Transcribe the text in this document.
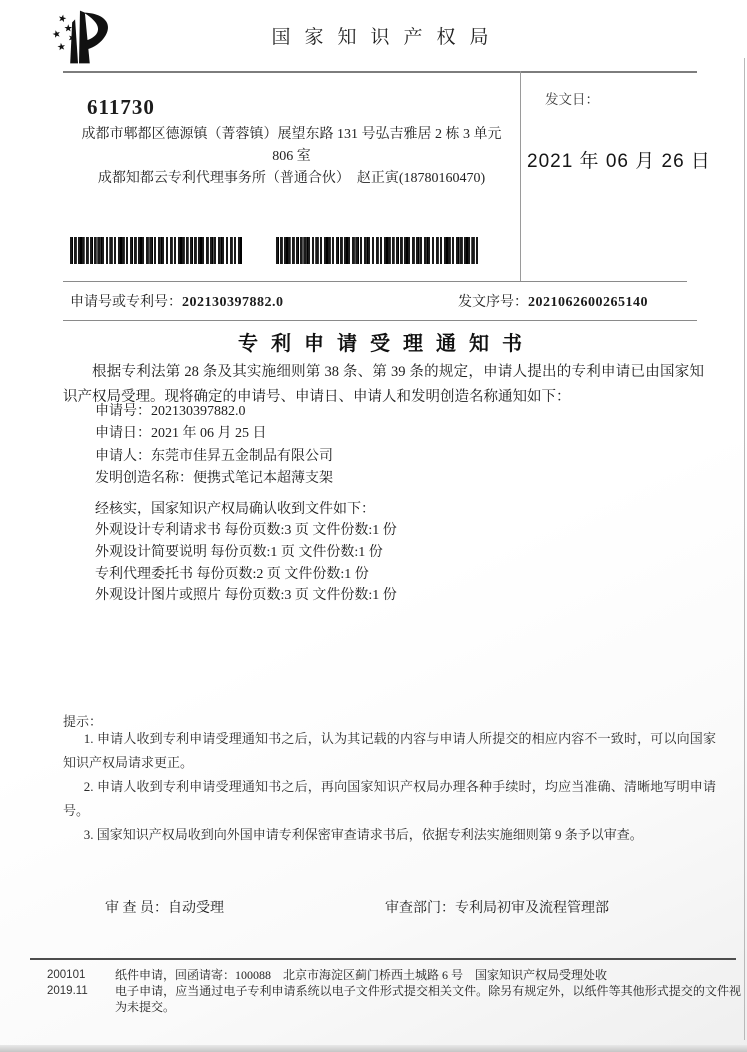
国家知识产权局
发文日：
2021 年 06 月 26 日
611730
成都市郫都区德源镇（菁蓉镇）展望东路 131 号弘吉雅居 2 栋 3 单元
806 室
成都知都云专利代理事务所（普通合伙）　赵正寅(18780160470)
申请号或专利号：202130397882.0	发文序号：2021062600265140
专利申请受理通知书
根据专利法第 28 条及其实施细则第 38 条、第 39 条的规定，申请人提出的专利申请已由国家知识产权局受理。现将确定的申请号、申请日、申请人和发明创造名称通知如下：
申请号：202130397882.0
申请日：2021 年 06 月 25 日
申请人：东莞市佳昇五金制品有限公司
发明创造名称：便携式笔记本超薄支架
经核实，国家知识产权局确认收到文件如下：
外观设计专利请求书 每份页数:3 页 文件份数:1 份
外观设计简要说明 每份页数:1 页 文件份数:1 份
专利代理委托书 每份页数:2 页 文件份数:1 份
外观设计图片或照片 每份页数:3 页 文件份数:1 份
提示：

1. 申请人收到专利申请受理通知书之后，认为其记载的内容与申请人所提交的相应内容不一致时，可以向国家知识产权局请求更正。

2. 申请人收到专利申请受理通知书之后，再向国家知识产权局办理各种手续时，均应当准确、清晰地写明申请号。

3. 国家知识产权局收到向外国申请专利保密审查请求书后，依据专利法实施细则第 9 条予以审查。

审 查 员：自动受理	审查部门：专利局初审及流程管理部
200101
2019.11

纸件申请，回函请寄：100088　北京市海淀区蓟门桥西土城路 6 号　国家知识产权局受理处收

电子申请，应当通过电子专利申请系统以电子文件形式提交相关文件。除另有规定外，以纸件等其他形式提交的文件视为未提交。
